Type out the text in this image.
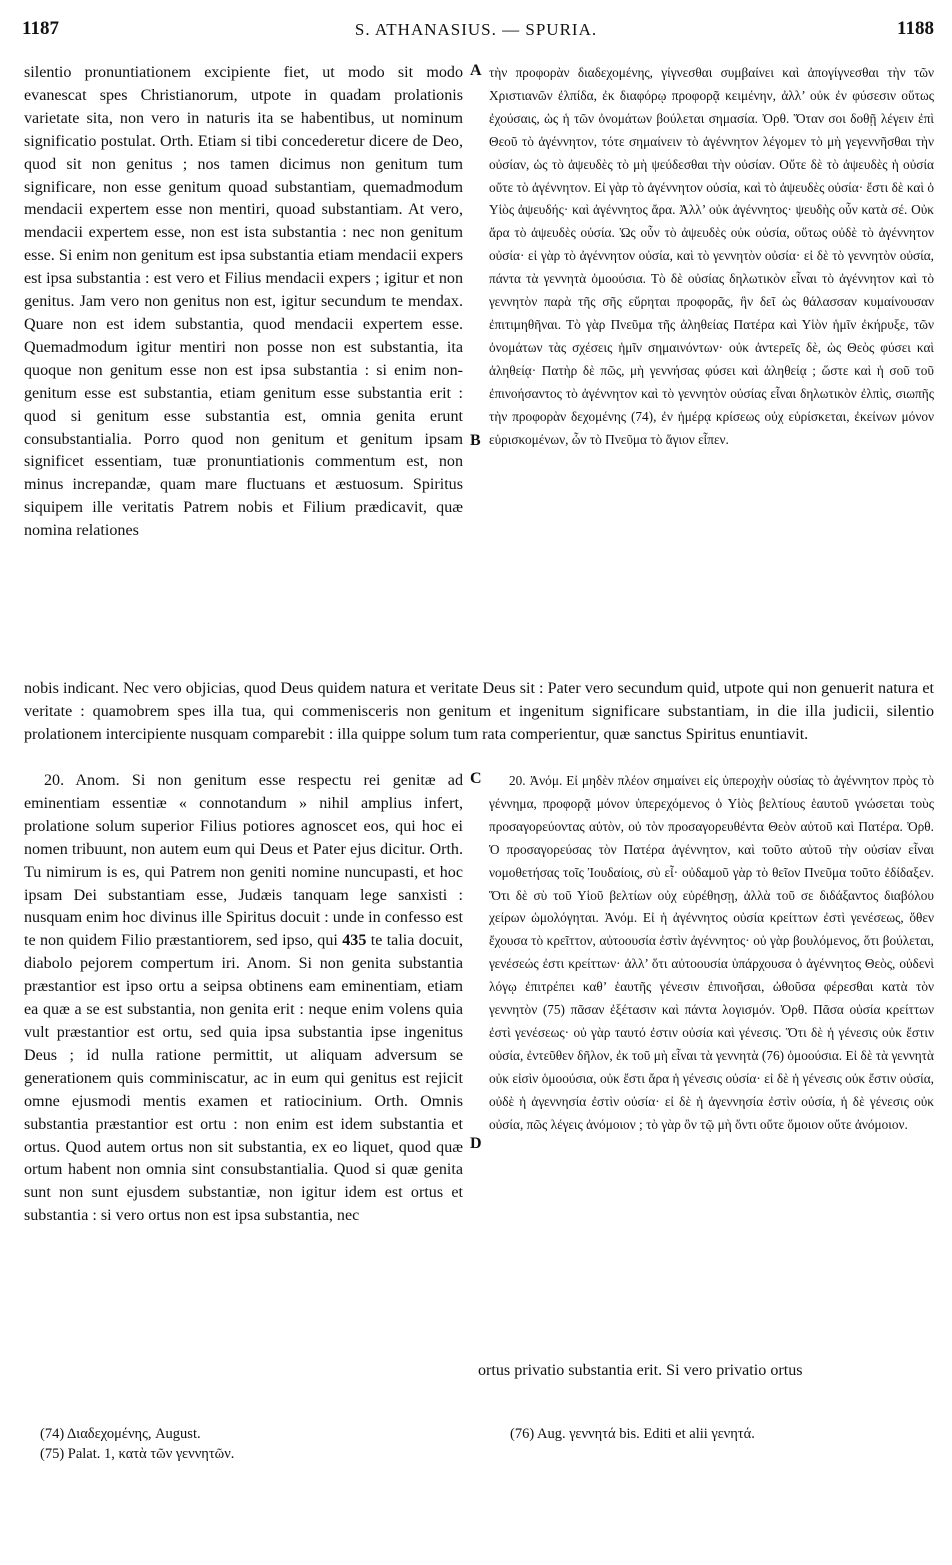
1187	S. ATHANASIUS. — SPURIA.	1188

silentio pronuntiationem excipiente fiet, ut modo sit modo evanescat spes Christianorum, utpote in quadam prolationis varietate sita, non vero in naturis ita se habentibus, ut nominum significatio postulat. Orth. Etiam si tibi concederetur dicere de Deo, quod sit non genitus ; nos tamen dicimus non genitum tum significare, non esse genitum quoad substantiam, quemadmodum mendacii expertem esse non mentiri, quoad substantiam. At vero, mendacii expertem esse, non est ista substantia : nec non genitum esse. Si enim non genitum est ipsa substantia etiam mendacii expers est ipsa substantia : est vero et Filius mendacii expers ; igitur et non genitus. Jam vero non genitus non est, igitur secundum te mendax. Quare non est idem substantia, quod mendacii expertem esse. Quemadmodum igitur mentiri non posse non est substantia, ita quoque non genitum esse non est ipsa substantia : si enim non-genitum esse est substantia, etiam genitum esse substantia erit : quod si genitum esse substantia est, omnia genita erunt consubstantialia. Porro quod non genitum et genitum ipsam significet essentiam, tuæ pronuntiationis commentum est, non minus increpandæ, quam mare fluctuans et æstuosum. Spiritus siquipem ille veritatis Patrem nobis et Filium prædicavit, quæ nomina relationes

A
B

τὴν προφορὰν διαδεχομένης, γίγνεσθαι συμβαίνει καὶ ἀπογίγνεσθαι τὴν τῶν Χριστιανῶν ἐλπίδα, ἐκ διαφόρῳ προφορᾷ κειμένην, ἀλλ’ οὐκ ἐν φύσεσιν οὕτως ἐχούσαις, ὡς ἡ τῶν ὀνομάτων βούλεται σημασία. Ὀρθ. Ὅταν σοι δοθῇ λέγειν ἐπὶ Θεοῦ τὸ ἀγέννητον, τότε σημαίνειν τὸ ἀγέννητον λέγομεν τὸ μὴ γεγεννῆσθαι τὴν οὐσίαν, ὡς τὸ ἀψευδὲς τὸ μὴ ψεύδεσθαι τὴν οὐσίαν. Οὔτε δὲ τὸ ἀψευδὲς ἡ οὐσία οὔτε τὸ ἀγέννητον. Εἰ γὰρ τὸ ἀγέννητον οὐσία, καὶ τὸ ἀψευδὲς οὐσία· ἔστι δὲ καὶ ὁ Υἱὸς ἀψευδής· καὶ ἀγέννητος ἄρα. Ἀλλ’ οὐκ ἀγέννητος· ψευδὴς οὖν κατὰ σέ. Οὐκ ἄρα τὸ ἀψευδὲς οὐσία. Ὡς οὖν τὸ ἀψευδὲς οὐκ οὐσία, οὕτως οὐδὲ τὸ ἀγέννητον οὐσία· εἰ γὰρ τὸ ἀγέννητον οὐσία, καὶ τὸ γεννητὸν οὐσία· εἰ δὲ τὸ γεννητὸν οὐσία, πάντα τὰ γεννητὰ ὁμοούσια. Τὸ δὲ οὐσίας δηλωτικὸν εἶναι τὸ ἀγέννητον καὶ τὸ γεννητὸν παρὰ τῆς σῆς εὕρηται προφορᾶς, ἣν δεῖ ὡς θάλασσαν κυμαίνουσαν ἐπιτιμηθῆναι. Τὸ γὰρ Πνεῦμα τῆς ἀληθείας Πατέρα καὶ Υἱὸν ἡμῖν ἐκήρυξε, τῶν ὀνομάτων τὰς σχέσεις ἡμῖν σημαινόντων· οὐκ ἀντερεῖς δὲ, ὡς Θεὸς φύσει καὶ ἀληθείᾳ· Πατὴρ δὲ πῶς, μὴ γεννήσας φύσει καὶ ἀληθείᾳ ; ὥστε καὶ ἡ σοῦ τοῦ ἐπινοήσαντος τὸ ἀγέννητον καὶ τὸ γεννητὸν οὐσίας εἶναι δηλωτικὸν ἐλπὶς, σιωπῆς τὴν προφορὰν δεχομένης (74), ἐν ἡμέρᾳ κρίσεως οὐχ εὑρίσκεται, ἐκείνων μόνον εὑρισκομένων, ὧν τὸ Πνεῦμα τὸ ἅγιον εἶπεν.

nobis indicant. Nec vero objicias, quod Deus quidem natura et veritate Deus sit : Pater vero secundum quid, utpote qui non genuerit natura et veritate : quamobrem spes illa tua, qui commenisceris non genitum et ingenitum significare substantiam, in die illa judicii, silentio prolationem intercipiente nusquam comparebit : illa quippe solum tum rata comperientur, quæ sanctus Spiritus enuntiavit.

20. Anom. Si non genitum esse respectu rei genitæ ad eminentiam essentiæ « connotandum » nihil amplius infert, prolatione solum superior Filius potiores agnoscet eos, qui hoc ei nomen tribuunt, non autem eum qui Deus et Pater ejus dicitur. Orth. Tu nimirum is es, qui Patrem non geniti nomine nuncupasti, et hoc ipsam Dei substantiam esse, Judæis tanquam lege sanxisti : nusquam enim hoc divinus ille Spiritus docuit : unde in confesso est te non quidem Filio præstantiorem, sed ipso, qui 435 te talia docuit, diabolo pejorem compertum iri. Anom. Si non genita substantia præstantior est ipso ortu a seipsa obtinens eam eminentiam, etiam ea quæ a se est substantia, non genita erit : neque enim volens quia vult præstantior est ortu, sed quia ipsa substantia ipse ingenitus Deus ; id nulla ratione permittit, ut aliquam adversum se generationem quis comminiscatur, ac in eum qui genitus est rejicit omne ejusmodi mentis examen et ratiocinium. Orth. Omnis substantia præstantior est ortu : non enim est idem substantia et ortus. Quod autem ortus non sit substantia, ex eo liquet, quod quæ ortum habent non omnia sint consubstantialia. Quod si quæ genita sunt non sunt ejusdem substantiæ, non igitur idem est ortus et substantia : si vero ortus non est ipsa substantia, nec

C
D

20. Ἀνόμ. Εἰ μηδὲν πλέον σημαίνει εἰς ὑπεροχὴν οὐσίας τὸ ἀγέννητον πρὸς τὸ γέννημα, προφορᾷ μόνον ὑπερεχόμενος ὁ Υἱὸς βελτίους ἑαυτοῦ γνώσεται τοὺς προσαγορεύοντας αὐτὸν, οὐ τὸν προσαγορευθέντα Θεὸν αὐτοῦ καὶ Πατέρα. Ὀρθ. Ὁ προσαγορεύσας τὸν Πατέρα ἀγέννητον, καὶ τοῦτο αὐτοῦ τὴν οὐσίαν εἶναι νομοθετήσας τοῖς Ἰουδαίοις, σὺ εἶ· οὐδαμοῦ γὰρ τὸ θεῖον Πνεῦμα τοῦτο ἐδίδαξεν. Ὅτι δὲ σὺ τοῦ Υἱοῦ βελτίων οὐχ εὑρέθησῃ, ἀλλὰ τοῦ σε διδάξαντος διαβόλου χείρων ὡμολόγηται. Ἀνόμ. Εἰ ἡ ἀγέννητος οὐσία κρείττων ἐστὶ γενέσεως, ὅθεν ἔχουσα τὸ κρεῖττον, αὐτοουσία ἐστὶν ἀγέννητος· οὐ γὰρ βουλόμενος, ὅτι βούλεται, γενέσεώς ἐστι κρείττων· ἀλλ’ ὅτι αὐτοουσία ὑπάρχουσα ὁ ἀγέννητος Θεὸς, οὐδενὶ λόγῳ ἐπιτρέπει καθ’ ἑαυτῆς γένεσιν ἐπινοῆσαι, ὠθοῦσα φέρεσθαι κατὰ τὸν γεννητὸν (75) πᾶσαν ἐξέτασιν καὶ πάντα λογισμόν. Ὀρθ. Πᾶσα οὐσία κρείττων ἐστὶ γενέσεως· οὐ γὰρ ταυτό ἐστιν οὐσία καὶ γένεσις. Ὅτι δὲ ἡ γένεσις οὐκ ἔστιν οὐσία, ἐντεῦθεν δῆλον, ἐκ τοῦ μὴ εἶναι τὰ γεννητὰ (76) ὁμοούσια. Εἰ δὲ τὰ γεννητὰ οὐκ εἰσὶν ὁμοούσια, οὐκ ἔστι ἄρα ἡ γένεσις οὐσία· εἰ δὲ ἡ γένεσις οὐκ ἔστιν οὐσία, οὐδὲ ἡ ἀγεννησία ἐστὶν οὐσία· εἰ δὲ ἡ ἀγεννησία ἐστὶν οὐσία, ἡ δὲ γένεσις οὐκ οὐσία, πῶς λέγεις ἀνόμοιον ; τὸ γὰρ ὂν τῷ μὴ ὄντι οὔτε ὅμοιον οὔτε ἀνόμοιον.

ortus privatio substantia erit. Si vero privatio ortus

(74) Διαδεχομένης, August.
(75) Palat. 1, κατὰ τῶν γεννητῶν.
(76) Aug. γεννητά bis. Editi et alii γενητά.
